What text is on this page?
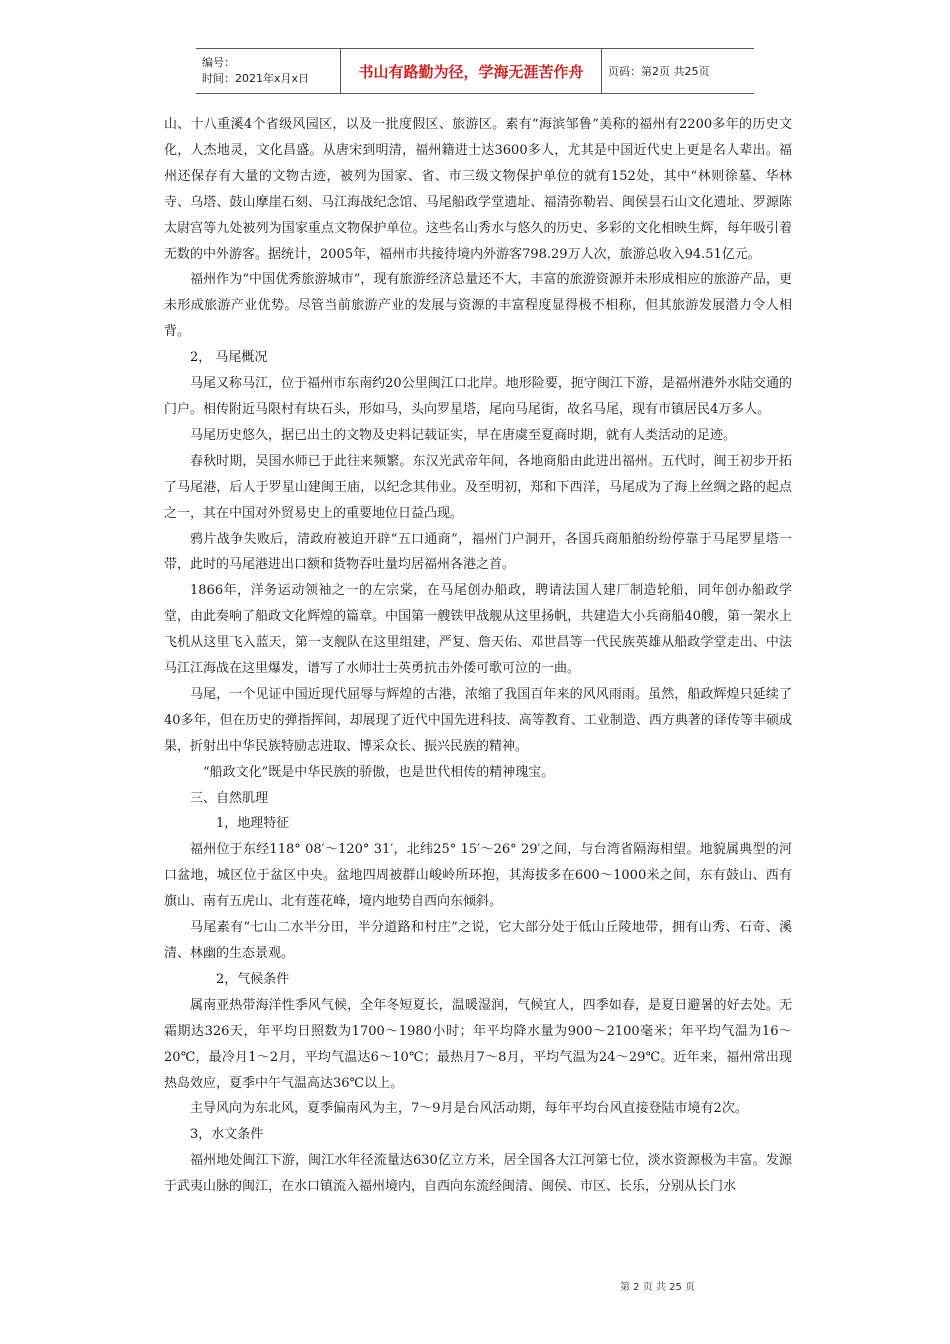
编号：
时间：2021年x月x日	书山有路勤为径，学海无涯苦作舟	页码：第2页 共25页

山、十八重溪4个省级风园区，以及一批度假区、旅游区。素有“海滨邹鲁”美称的福州有2200多年的历史文化，人杰地灵，文化昌盛。从唐宋到明清，福州籍进士达3600多人，尤其是中国近代史上更是名人辈出。福州还保存有大量的文物古迹，被列为国家、省、市三级文物保护单位的就有152处，其中“林则徐墓、华林寺、乌塔、鼓山摩崖石刻、马江海战纪念馆、马尾船政学堂遗址、福清弥勒岩、闽侯昙石山文化遗址、罗源陈太尉宫等九处被列为国家重点文物保护单位。这些名山秀水与悠久的历史、多彩的文化相映生辉，每年吸引着无数的中外游客。据统计，2005年，福州市共接待境内外游客798.29万人次，旅游总收入94.51亿元。

福州作为“中国优秀旅游城市”，现有旅游经济总量还不大，丰富的旅游资源并未形成相应的旅游产品，更未形成旅游产业优势。尽管当前旅游产业的发展与资源的丰富程度显得极不相称，但其旅游发展潜力令人相背。

2， 马尾概况

马尾又称马江，位于福州市东南约20公里闽江口北岸。地形险要，扼守闽江下游，是福州港外水陆交通的门户。相传附近马限村有块石头，形如马，头向罗星塔，尾向马尾街，故名马尾，现有市镇居民4万多人。

马尾历史悠久，据已出土的文物及史料记载证实，早在唐虞至夏商时期，就有人类活动的足迹。

春秋时期，吴国水师已于此往来频繁。东汉光武帝年间，各地商船由此进出福州。五代时，闽王初步开拓了马尾港，后人于罗星山建闽王庙，以纪念其伟业。及至明初，郑和下西洋，马尾成为了海上丝绸之路的起点之一，其在中国对外贸易史上的重要地位日益凸现。

鸦片战争失败后，清政府被迫开辟“五口通商”，福州门户洞开，各国兵商船舶纷纷停靠于马尾罗星塔一带，此时的马尾港进出口额和货物吞吐量均居福州各港之首。

1866年，洋务运动领袖之一的左宗棠，在马尾创办船政，聘请法国人建厂制造轮船，同年创办船政学堂，由此奏响了船政文化辉煌的篇章。中国第一艘铁甲战舰从这里扬帆，共建造大小兵商船40艘，第一架水上飞机从这里飞入蓝天，第一支舰队在这里组建，严复、詹天佑、邓世昌等一代民族英雄从船政学堂走出、中法马江江海战在这里爆发，谱写了水师壮士英勇抗击外倭可歌可泣的一曲。

马尾，一个见证中国近现代屈辱与辉煌的古港，浓缩了我国百年来的风风雨雨。虽然，船政辉煌只延续了40多年，但在历史的弹指挥间，却展现了近代中国先进科技、高等教育、工业制造、西方典著的译传等丰硕成果，折射出中华民族特励志进取、博采众长、振兴民族的精神。

“船政文化”既是中华民族的骄傲，也是世代相传的精神瑰宝。

三、自然肌理

1，地理特征

福州位于东经118° 08′～120° 31′，北纬25° 15′～26° 29′之间，与台湾省隔海相望。地貌属典型的河口盆地，城区位于盆区中央。盆地四周被群山峻岭所环抱，其海拔多在600～1000米之间，东有鼓山、西有旗山、南有五虎山、北有莲花峰，境内地势自西向东倾斜。

马尾素有“七山二水半分田，半分道路和村庄”之说，它大部分处于低山丘陵地带，拥有山秀、石奇、溪清、林幽的生态景观。

2，气候条件

属南亚热带海洋性季风气候，全年冬短夏长，温暖湿润，气候宜人，四季如春，是夏日避暑的好去处。无霜期达326天，年平均日照数为1700～1980小时；年平均降水量为900～2100毫米；年平均气温为16～20℃，最冷月1～2月，平均气温达6～10℃；最热月7～8月，平均气温为24～29℃。近年来，福州常出现热岛效应，夏季中午气温高达36℃以上。

主导风向为东北风，夏季偏南风为主，7～9月是台风活动期，每年平均台风直接登陆市境有2次。

3，水文条件

福州地处闽江下游，闽江水年径流量达630亿立方米，居全国各大江河第七位，淡水资源极为丰富。发源于武夷山脉的闽江，在水口镇流入福州境内，自西向东流经闽清、闽侯、市区、长乐，分别从长门水

第 2 页 共 25 页
